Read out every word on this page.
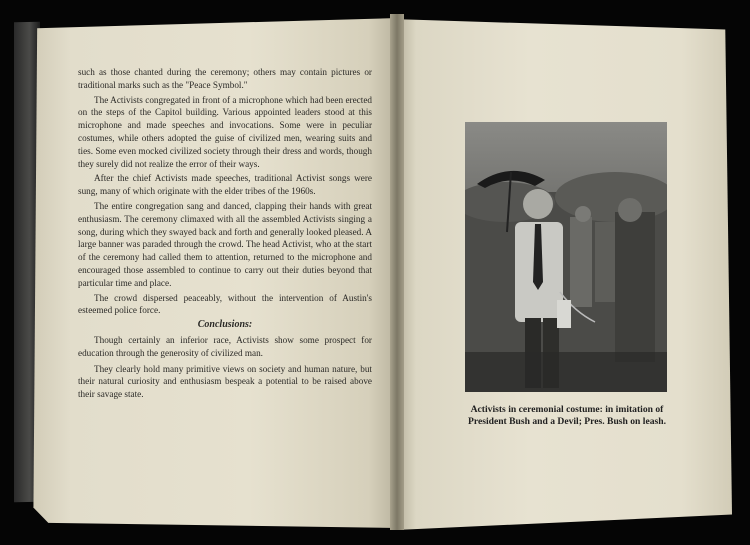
such as those chanted during the ceremony; others may contain pictures or traditional marks such as the "Peace Symbol."

The Activists congregated in front of a microphone which had been erected on the steps of the Capitol building. Various appointed leaders stood at this microphone and made speeches and invocations. Some were in peculiar costumes, while others adopted the guise of civilized men, wearing suits and ties. Some even mocked civilized society through their dress and words, though they surely did not realize the error of their ways.

After the chief Activists made speeches, traditional Activist songs were sung, many of which originate with the elder tribes of the 1960s.

The entire congregation sang and danced, clapping their hands with great enthusiasm. The ceremony climaxed with all the assembled Activists singing a song, during which they swayed back and forth and generally looked pleased. A large banner was paraded through the crowd. The head Activist, who at the start of the ceremony had called them to attention, returned to the microphone and encouraged those assembled to continue to carry out their duties beyond that particular time and place.

The crowd dispersed peaceably, without the intervention of Austin's esteemed police force.

Conclusions:

Though certainly an inferior race, Activists show some prospect for education through the generosity of civilized man.

They clearly hold many primitive views on society and human nature, but their natural curiosity and enthusiasm bespeak a potential to be raised above their savage state.

Activists in ceremonial costume: in imitation of
President Bush and a Devil; Pres. Bush on leash.
